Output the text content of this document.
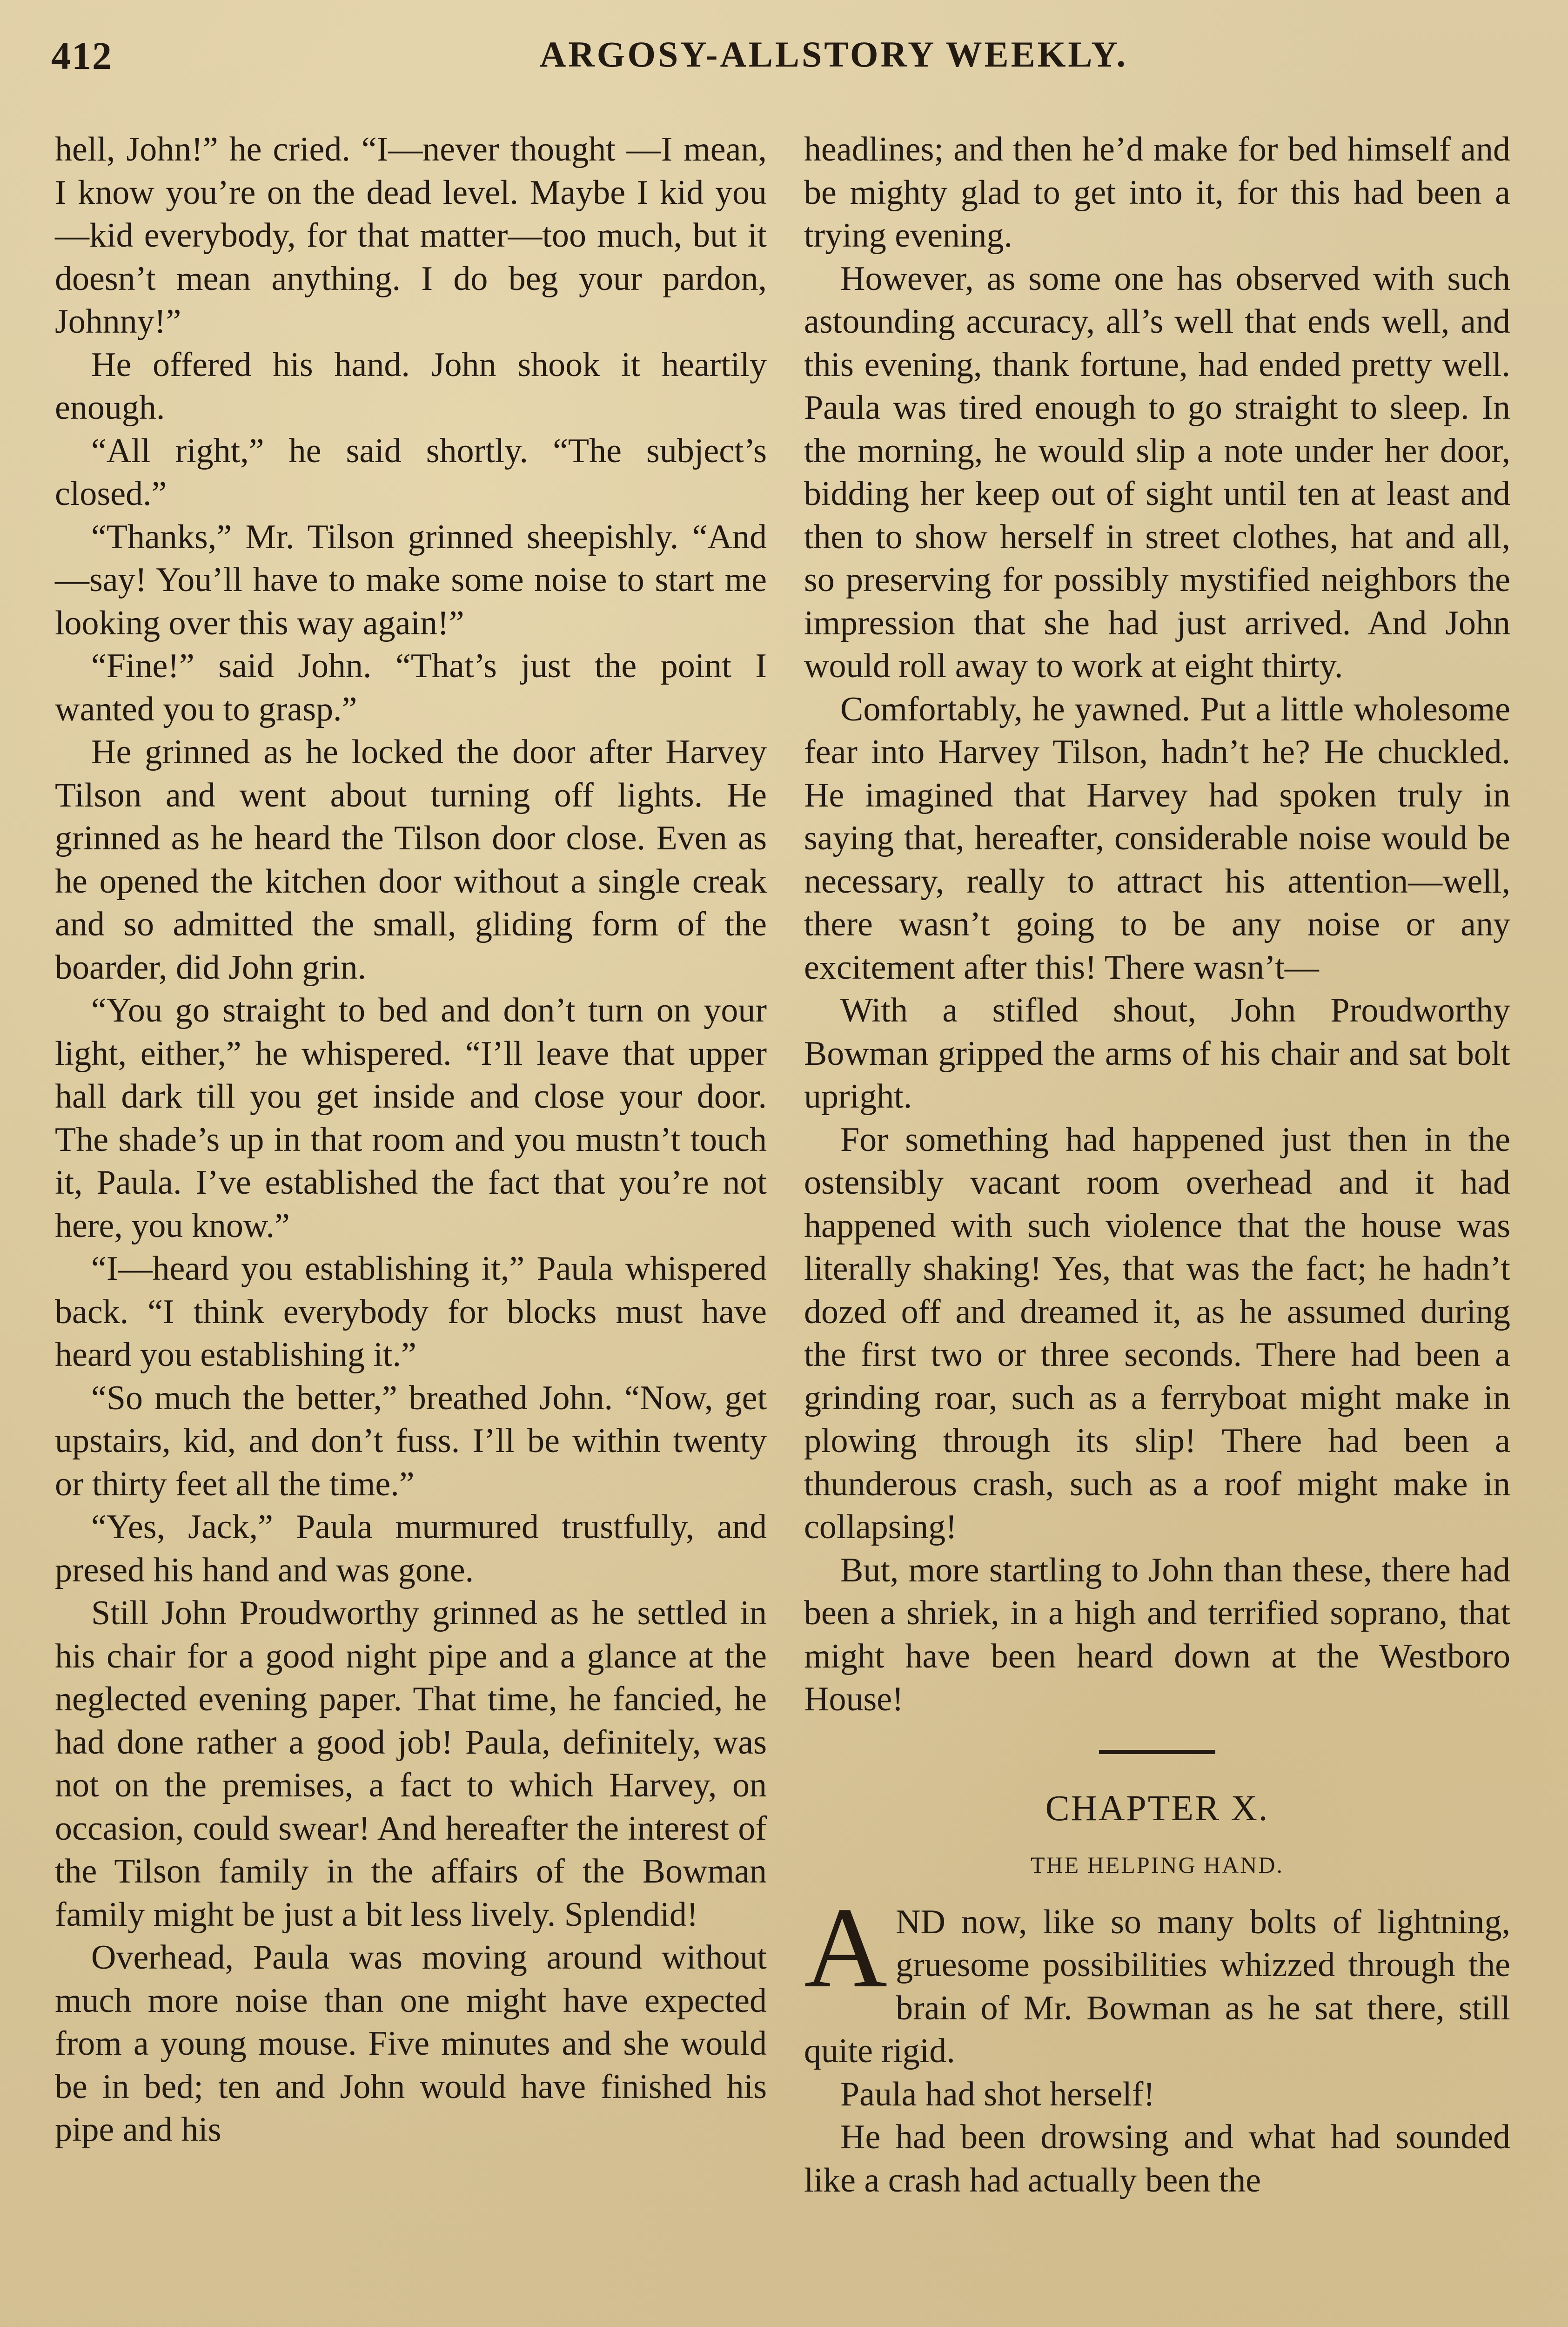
412	ARGOSY-ALLSTORY WEEKLY.

hell, John!” he cried. “I—never thought —I mean, I know you’re on the dead level. Maybe I kid you—kid everybody, for that matter—too much, but it doesn’t mean anything. I do beg your pardon, Johnny!”

He offered his hand. John shook it heartily enough.

“All right,” he said shortly. “The subject’s closed.”

“Thanks,” Mr. Tilson grinned sheepishly. “And—say! You’ll have to make some noise to start me looking over this way again!”

“Fine!” said John. “That’s just the point I wanted you to grasp.”

He grinned as he locked the door after Harvey Tilson and went about turning off lights. He grinned as he heard the Tilson door close. Even as he opened the kitchen door without a single creak and so admitted the small, gliding form of the boarder, did John grin.

“You go straight to bed and don’t turn on your light, either,” he whispered. “I’ll leave that upper hall dark till you get inside and close your door. The shade’s up in that room and you mustn’t touch it, Paula. I’ve established the fact that you’re not here, you know.”

“I—heard you establishing it,” Paula whispered back. “I think everybody for blocks must have heard you establishing it.”

“So much the better,” breathed John. “Now, get upstairs, kid, and don’t fuss. I’ll be within twenty or thirty feet all the time.”

“Yes, Jack,” Paula murmured trustfully, and presed his hand and was gone.

Still John Proudworthy grinned as he settled in his chair for a good night pipe and a glance at the neglected evening paper. That time, he fancied, he had done rather a good job! Paula, definitely, was not on the premises, a fact to which Harvey, on occasion, could swear! And hereafter the interest of the Tilson family in the affairs of the Bowman family might be just a bit less lively. Splendid!

Overhead, Paula was moving around without much more noise than one might have expected from a young mouse. Five minutes and she would be in bed; ten and John would have finished his pipe and his

headlines; and then he’d make for bed himself and be mighty glad to get into it, for this had been a trying evening.

However, as some one has observed with such astounding accuracy, all’s well that ends well, and this evening, thank fortune, had ended pretty well. Paula was tired enough to go straight to sleep. In the morning, he would slip a note under her door, bidding her keep out of sight until ten at least and then to show herself in street clothes, hat and all, so preserving for possibly mystified neighbors the impression that she had just arrived. And John would roll away to work at eight thirty.

Comfortably, he yawned. Put a little wholesome fear into Harvey Tilson, hadn’t he? He chuckled. He imagined that Harvey had spoken truly in saying that, hereafter, considerable noise would be necessary, really to attract his attention—well, there wasn’t going to be any noise or any excitement after this! There wasn’t—

With a stifled shout, John Proudworthy Bowman gripped the arms of his chair and sat bolt upright.

For something had happened just then in the ostensibly vacant room overhead and it had happened with such violence that the house was literally shaking! Yes, that was the fact; he hadn’t dozed off and dreamed it, as he assumed during the first two or three seconds. There had been a grinding roar, such as a ferryboat might make in plowing through its slip! There had been a thunderous crash, such as a roof might make in collapsing!

But, more startling to John than these, there had been a shriek, in a high and terrified soprano, that might have been heard down at the Westboro House!

CHAPTER X.
THE HELPING HAND.

AND now, like so many bolts of lightning, gruesome possibilities whizzed through the brain of Mr. Bowman as he sat there, still quite rigid.

Paula had shot herself!

He had been drowsing and what had sounded like a crash had actually been the
